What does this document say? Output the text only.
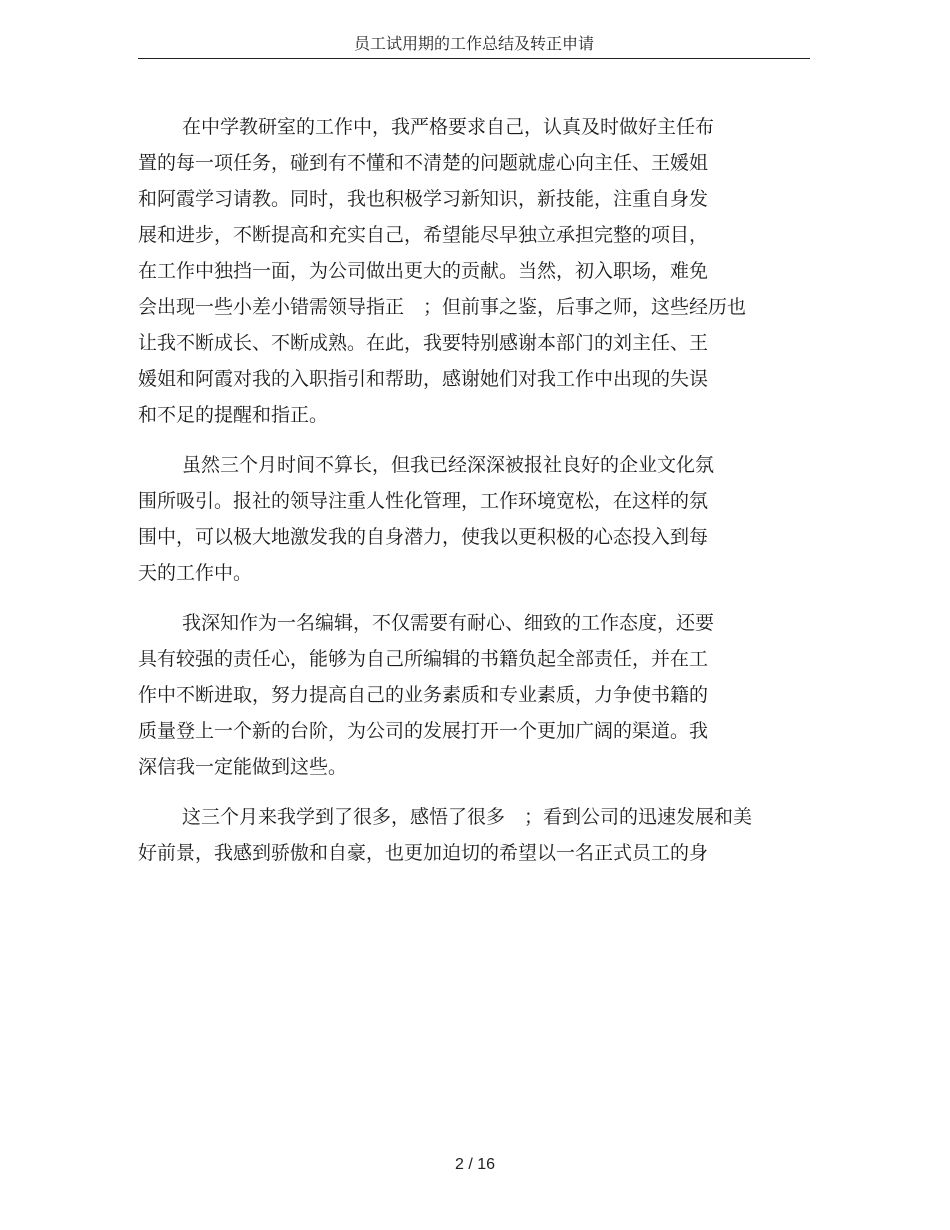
员工试用期的工作总结及转正申请

在中学教研室的工作中，我严格要求自己，认真及时做好主任布

置的每一项任务，碰到有不懂和不清楚的问题就虚心向主任、王媛姐

和阿霞学习请教。同时，我也积极学习新知识，新技能，注重自身发

展和进步，不断提高和充实自己，希望能尽早独立承担完整的项目，

在工作中独挡一面，为公司做出更大的贡献。当然，初入职场，难免

会出现一些小差小错需领导指正　；但前事之鉴，后事之师，这些经历也

让我不断成长、不断成熟。在此，我要特别感谢本部门的刘主任、王

媛姐和阿霞对我的入职指引和帮助，感谢她们对我工作中出现的失误

和不足的提醒和指正。

虽然三个月时间不算长，但我已经深深被报社良好的企业文化氛

围所吸引。报社的领导注重人性化管理，工作环境宽松，在这样的氛

围中，可以极大地激发我的自身潜力，使我以更积极的心态投入到每

天的工作中。

我深知作为一名编辑，不仅需要有耐心、细致的工作态度，还要

具有较强的责任心，能够为自己所编辑的书籍负起全部责任，并在工

作中不断进取，努力提高自己的业务素质和专业素质，力争使书籍的

质量登上一个新的台阶，为公司的发展打开一个更加广阔的渠道。我

深信我一定能做到这些。

这三个月来我学到了很多，感悟了很多　；看到公司的迅速发展和美

好前景，我感到骄傲和自豪，也更加迫切的希望以一名正式员工的身

2 / 16
